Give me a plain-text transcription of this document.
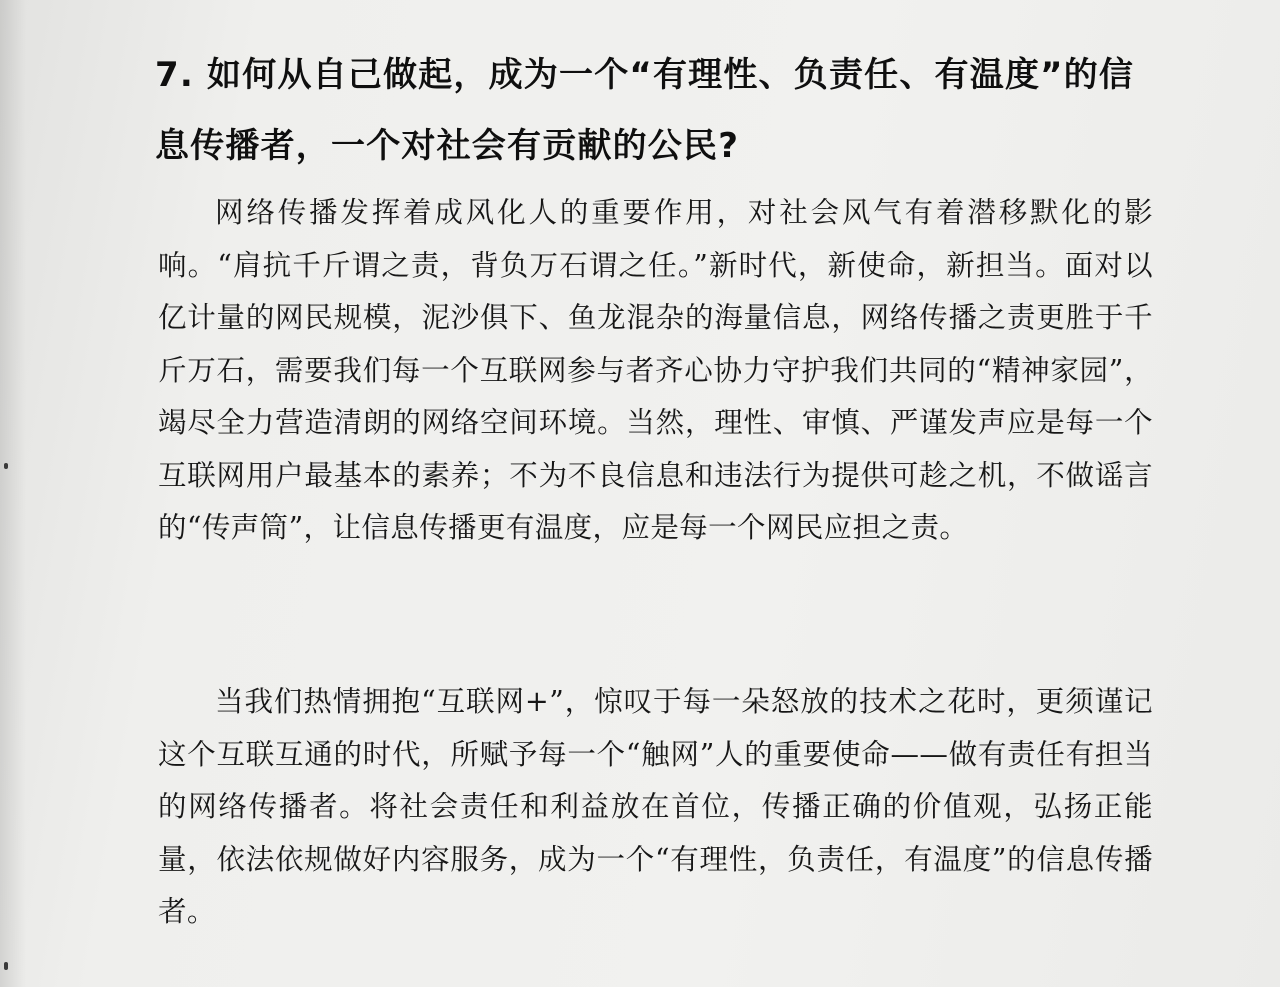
7. 如何从自己做起，成为一个“有理性、负责任、有温度”的信息传播者，一个对社会有贡献的公民?

网络传播发挥着成风化人的重要作用，对社会风气有着潜移默化的影响。“肩抗千斤谓之责，背负万石谓之任。”新时代，新使命，新担当。面对以亿计量的网民规模，泥沙俱下、鱼龙混杂的海量信息，网络传播之责更胜于千斤万石，需要我们每一个互联网参与者齐心协力守护我们共同的“精神家园”，竭尽全力营造清朗的网络空间环境。当然，理性、审慎、严谨发声应是每一个互联网用户最基本的素养；不为不良信息和违法行为提供可趁之机，不做谣言的“传声筒”，让信息传播更有温度，应是每一个网民应担之责。

当我们热情拥抱“互联网+”，惊叹于每一朵怒放的技术之花时，更须谨记这个互联互通的时代，所赋予每一个“触网”人的重要使命——做有责任有担当的网络传播者。将社会责任和利益放在首位，传播正确的价值观，弘扬正能量，依法依规做好内容服务，成为一个“有理性，负责任，有温度”的信息传播者。
